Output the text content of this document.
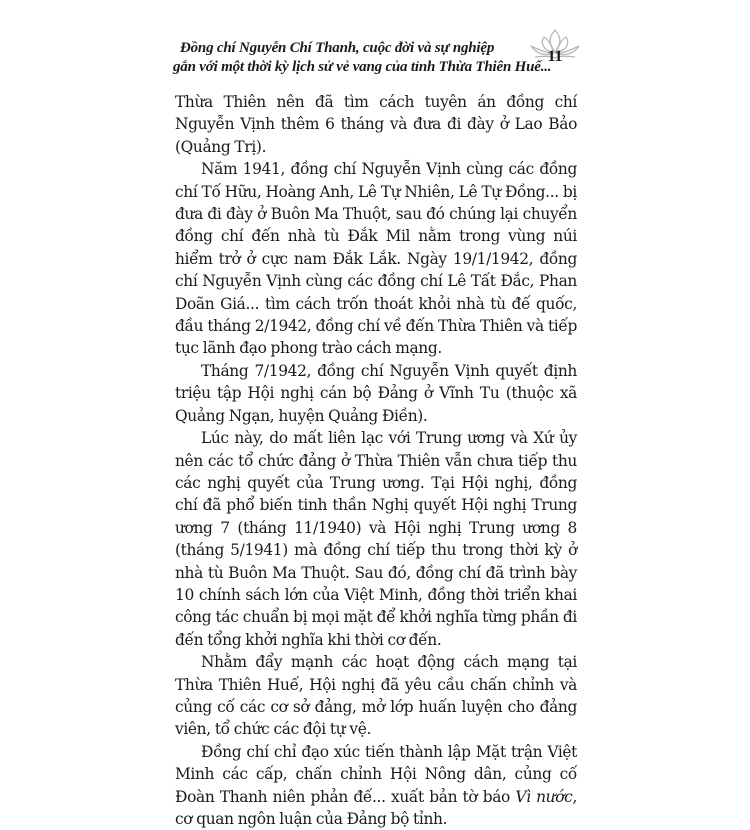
Đồng chí Nguyễn Chí Thanh, cuộc đời và sự nghiệp
gắn với một thời kỳ lịch sử vẻ vang của tỉnh Thừa Thiên Huế...
11

Thừa Thiên nên đã tìm cách tuyên án đồng chí Nguyễn Vịnh thêm 6 tháng và đưa đi đày ở Lao Bảo (Quảng Trị).

Năm 1941, đồng chí Nguyễn Vịnh cùng các đồng chí Tố Hữu, Hoàng Anh, Lê Tự Nhiên, Lê Tự Đồng... bị đưa đi đày ở Buôn Ma Thuột, sau đó chúng lại chuyển đồng chí đến nhà tù Đắk Mil nằm trong vùng núi hiểm trở ở cực nam Đắk Lắk. Ngày 19/1/1942, đồng chí Nguyễn Vịnh cùng các đồng chí Lê Tất Đắc, Phan Doãn Giá... tìm cách trốn thoát khỏi nhà tù đế quốc, đầu tháng 2/1942, đồng chí về đến Thừa Thiên và tiếp tục lãnh đạo phong trào cách mạng.

Tháng 7/1942, đồng chí Nguyễn Vịnh quyết định triệu tập Hội nghị cán bộ Đảng ở Vĩnh Tu (thuộc xã Quảng Ngạn, huyện Quảng Điền).

Lúc này, do mất liên lạc với Trung ương và Xứ ủy nên các tổ chức đảng ở Thừa Thiên vẫn chưa tiếp thu các nghị quyết của Trung ương. Tại Hội nghị, đồng chí đã phổ biến tinh thần Nghị quyết Hội nghị Trung ương 7 (tháng 11/1940) và Hội nghị Trung ương 8 (tháng 5/1941) mà đồng chí tiếp thu trong thời kỳ ở nhà tù Buôn Ma Thuột. Sau đó, đồng chí đã trình bày 10 chính sách lớn của Việt Minh, đồng thời triển khai công tác chuẩn bị mọi mặt để khởi nghĩa từng phần đi đến tổng khởi nghĩa khi thời cơ đến.

Nhằm đẩy mạnh các hoạt động cách mạng tại Thừa Thiên Huế, Hội nghị đã yêu cầu chấn chỉnh và củng cố các cơ sở đảng, mở lớp huấn luyện cho đảng viên, tổ chức các đội tự vệ.

Đồng chí chỉ đạo xúc tiến thành lập Mặt trận Việt Minh các cấp, chấn chỉnh Hội Nông dân, củng cố Đoàn Thanh niên phản đế... xuất bản tờ báo Vì nước, cơ quan ngôn luận của Đảng bộ tỉnh.
